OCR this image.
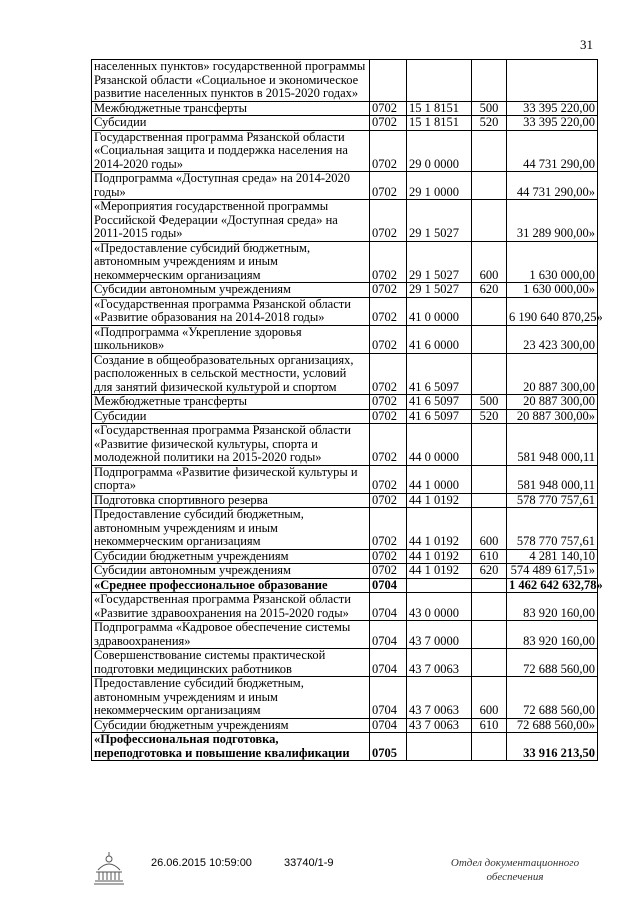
31
населенных пунктов» государственной программы Рязанской области «Социальное и экономическое развитие населенных пунктов в 2015-2020 годах»				
Межбюджетные трансферты	0702	15 1 8151	500	33 395 220,00
Субсидии	0702	15 1 8151	520	33 395 220,00
Государственная программа Рязанской области «Социальная защита и поддержка населения на 2014-2020 годы»	0702	29 0 0000		44 731 290,00
Подпрограмма «Доступная среда» на 2014-2020 годы»	0702	29 1 0000		44 731 290,00»
«Мероприятия государственной программы Российской Федерации «Доступная среда» на 2011-2015 годы»	0702	29 1 5027		31 289 900,00»
«Предоставление субсидий бюджетным, автономным учреждениям и иным некоммерческим организациям	0702	29 1 5027	600	1 630 000,00
Субсидии автономным учреждениям	0702	29 1 5027	620	1 630 000,00»
«Государственная программа Рязанской области «Развитие образования на 2014-2018 годы»	0702	41 0 0000		6 190 640 870,25»
«Подпрограмма «Укрепление здоровья школьников»	0702	41 6 0000		23 423 300,00
Создание в общеобразовательных организациях, расположенных в сельской местности, условий для занятий физической культурой и спортом	0702	41 6 5097		20 887 300,00
Межбюджетные трансферты	0702	41 6 5097	500	20 887 300,00
Субсидии	0702	41 6 5097	520	20 887 300,00»
«Государственная программа Рязанской области «Развитие физической культуры, спорта и молодежной политики на 2015-2020 годы»	0702	44 0 0000		581 948 000,11
Подпрограмма «Развитие физической культуры и спорта»	0702	44 1 0000		581 948 000,11
Подготовка спортивного резерва	0702	44 1 0192		578 770 757,61
Предоставление субсидий бюджетным, автономным учреждениям и иным некоммерческим организациям	0702	44 1 0192	600	578 770 757,61
Субсидии бюджетным учреждениям	0702	44 1 0192	610	4 281 140,10
Субсидии автономным учреждениям	0702	44 1 0192	620	574 489 617,51»
«Среднее профессиональное образование	0704			1 462 642 632,78»
«Государственная программа Рязанской области «Развитие здравоохранения на 2015-2020 годы»	0704	43 0 0000		83 920 160,00
Подпрограмма «Кадровое обеспечение системы здравоохранения»	0704	43 7 0000		83 920 160,00
Совершенствование системы практической подготовки медицинских работников	0704	43 7 0063		72 688 560,00
Предоставление субсидий бюджетным, автономным учреждениям и иным некоммерческим организациям	0704	43 7 0063	600	72 688 560,00
Субсидии бюджетным учреждениям	0704	43 7 0063	610	72 688 560,00»
«Профессиональная подготовка, переподготовка и повышение квалификации	0705			33 916 213,50
26.06.2015 10:59:00	33740/1-9	Отдел документационного
обеспечения
